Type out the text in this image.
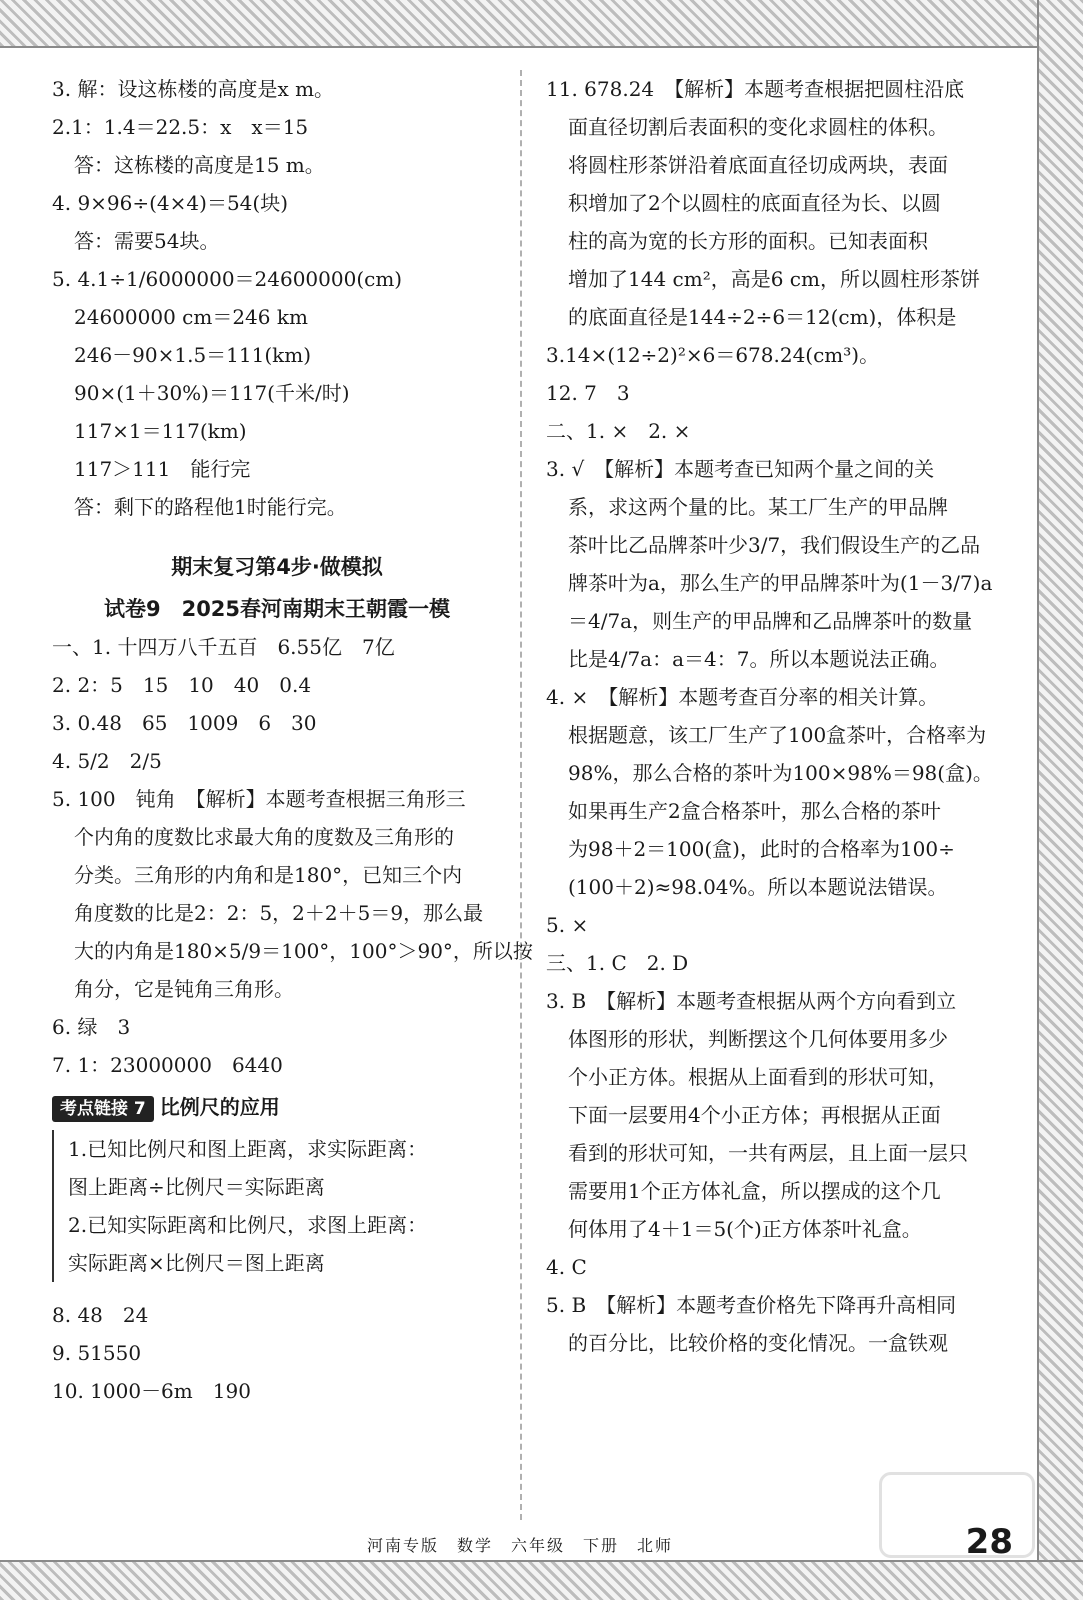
3. 解：设这栋楼的高度是x m。
2.1：1.4＝22.5：x　x＝15
答：这栋楼的高度是15 m。
4. 9×96÷(4×4)＝54(块)
答：需要54块。
5. 4.1÷1/6000000＝24600000(cm)
24600000 cm＝246 km
246－90×1.5＝111(km)
90×(1＋30%)＝117(千米/时)
117×1＝117(km)
117＞111　能行完
答：剩下的路程他1时能行完。
期末复习第4步·做模拟
试卷9　2025春河南期末王朝霞一模
一、1. 十四万八千五百　6.55亿　7亿
2. 2：5　15　10　40　0.4
3. 0.48　65　1009　6　30
4. 5/2　2/5
5. 100　钝角　【解析】本题考查根据三角形三
个内角的度数比求最大角的度数及三角形的
分类。三角形的内角和是180°，已知三个内
角度数的比是2：2：5，2＋2＋5＝9，那么最
大的内角是180×5/9＝100°，100°＞90°，所以按
角分，它是钝角三角形。
6. 绿　3
7. 1：23000000　6440
考点链接 7 比例尺的应用
1.已知比例尺和图上距离，求实际距离：
图上距离÷比例尺＝实际距离
2.已知实际距离和比例尺，求图上距离：
实际距离×比例尺＝图上距离
8. 48　24
9. 51550
10. 1000－6m　190
11. 678.24　【解析】本题考查根据把圆柱沿底
面直径切割后表面积的变化求圆柱的体积。
将圆柱形茶饼沿着底面直径切成两块，表面
积增加了2个以圆柱的底面直径为长、以圆
柱的高为宽的长方形的面积。已知表面积
增加了144 cm²，高是6 cm，所以圆柱形茶饼
的底面直径是144÷2÷6＝12(cm)，体积是
3.14×(12÷2)²×6＝678.24(cm³)。
12. 7　3
二、1. ×　2. ×
3. √　【解析】本题考查已知两个量之间的关
系，求这两个量的比。某工厂生产的甲品牌
茶叶比乙品牌茶叶少3/7，我们假设生产的乙品
牌茶叶为a，那么生产的甲品牌茶叶为(1－3/7)a
＝4/7a，则生产的甲品牌和乙品牌茶叶的数量
比是4/7a：a＝4：7。所以本题说法正确。
4. ×　【解析】本题考查百分率的相关计算。
根据题意，该工厂生产了100盒茶叶，合格率为
98%，那么合格的茶叶为100×98%＝98(盒)。
如果再生产2盒合格茶叶，那么合格的茶叶
为98＋2＝100(盒)，此时的合格率为100÷
(100＋2)≈98.04%。所以本题说法错误。
5. ×
三、1. C　2. D
3. B　【解析】本题考查根据从两个方向看到立
体图形的形状，判断摆这个几何体要用多少
个小正方体。根据从上面看到的形状可知，
下面一层要用4个小正方体；再根据从正面
看到的形状可知，一共有两层，且上面一层只
需要用1个正方体礼盒，所以摆成的这个几
何体用了4＋1＝5(个)正方体茶叶礼盒。
4. C
5. B　【解析】本题考查价格先下降再升高相同
的百分比，比较价格的变化情况。一盒铁观
河南专版　数学　六年级　下册　北师	28
